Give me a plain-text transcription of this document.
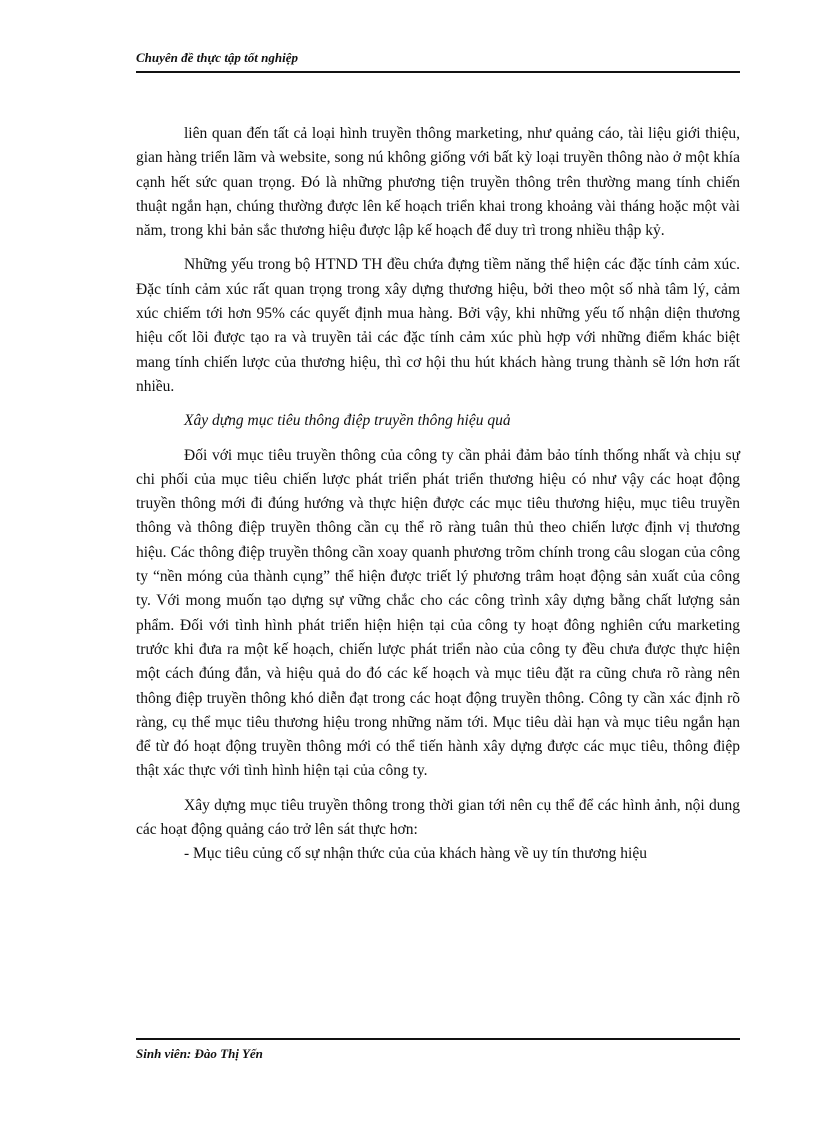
Chuyên đề thực tập tốt nghiệp

liên quan đến tất cả loại hình truyền thông marketing, như quảng cáo, tài liệu giới thiệu, gian hàng triển lãm và website, song nú không giống với bất kỳ loại truyền thông nào ở một khía cạnh hết sức quan trọng. Đó là những phương tiện truyền thông trên thường mang tính chiến thuật ngắn hạn, chúng thường được lên kế hoạch triển khai trong khoảng vài tháng hoặc một vài năm, trong khi bản sắc thương hiệu được lập kế hoạch để duy trì trong nhiều thập kỷ.

Những yếu trong bộ HTND TH đều chứa đựng tiềm năng thể hiện các đặc tính cảm xúc. Đặc tính cảm xúc rất quan trọng trong xây dựng thương hiệu, bởi theo một số nhà tâm lý, cảm xúc chiếm tới hơn 95% các quyết định mua hàng. Bởi vậy, khi những yếu tố nhận diện thương hiệu cốt lõi được tạo ra và truyền tải các đặc tính cảm xúc phù hợp với những điểm khác biệt mang tính chiến lược của thương hiệu, thì cơ hội thu hút khách hàng trung thành sẽ lớn hơn rất nhiều.

Xây dựng mục tiêu thông điệp truyền thông hiệu quả

Đối với mục tiêu truyền thông của công ty cần phải đảm bảo tính thống nhất và chịu sự chi phối của mục tiêu chiến lược phát triển phát triển thương hiệu có như vậy các hoạt động truyền thông mới đi đúng hướng và thực hiện được các mục tiêu thương hiệu, mục tiêu truyền thông và thông điệp truyền thông cần cụ thể rõ ràng tuân thủ theo chiến lược định vị thương hiệu. Các thông điệp truyền thông cần xoay quanh phương trõm chính trong câu slogan của công ty “nền móng của thành cụng” thể hiện được triết lý phương trâm hoạt động sản xuất của công ty. Với mong muốn tạo dựng sự vững chắc cho các công trình xây dựng bằng chất lượng sản phẩm. Đối với tình hình phát triển hiện hiện tại của công ty hoạt đông nghiên cứu marketing trước khi đưa ra một kế hoạch, chiến lược phát triển nào của công ty đều chưa được thực hiện một cách đúng đắn, và hiệu quả do đó các kế hoạch và mục tiêu đặt ra cũng chưa rõ ràng nên thông điệp truyền thông khó diễn đạt trong các hoạt động truyền thông. Công ty cần xác định rõ ràng, cụ thể mục tiêu thương hiệu trong những năm tới. Mục tiêu dài hạn và mục tiêu ngắn hạn để từ đó hoạt động truyền thông mới có thể tiến hành xây dựng được các mục tiêu, thông điệp thật xác thực với tình hình hiện tại của công ty.

Xây dựng mục tiêu truyền thông trong thời gian tới nên cụ thể để các hình ảnh, nội dung các hoạt động quảng cáo trở lên sát thực hơn:

- Mục tiêu củng cố sự nhận thức của của khách hàng về uy tín thương hiệu

Sinh viên: Đào Thị Yến
